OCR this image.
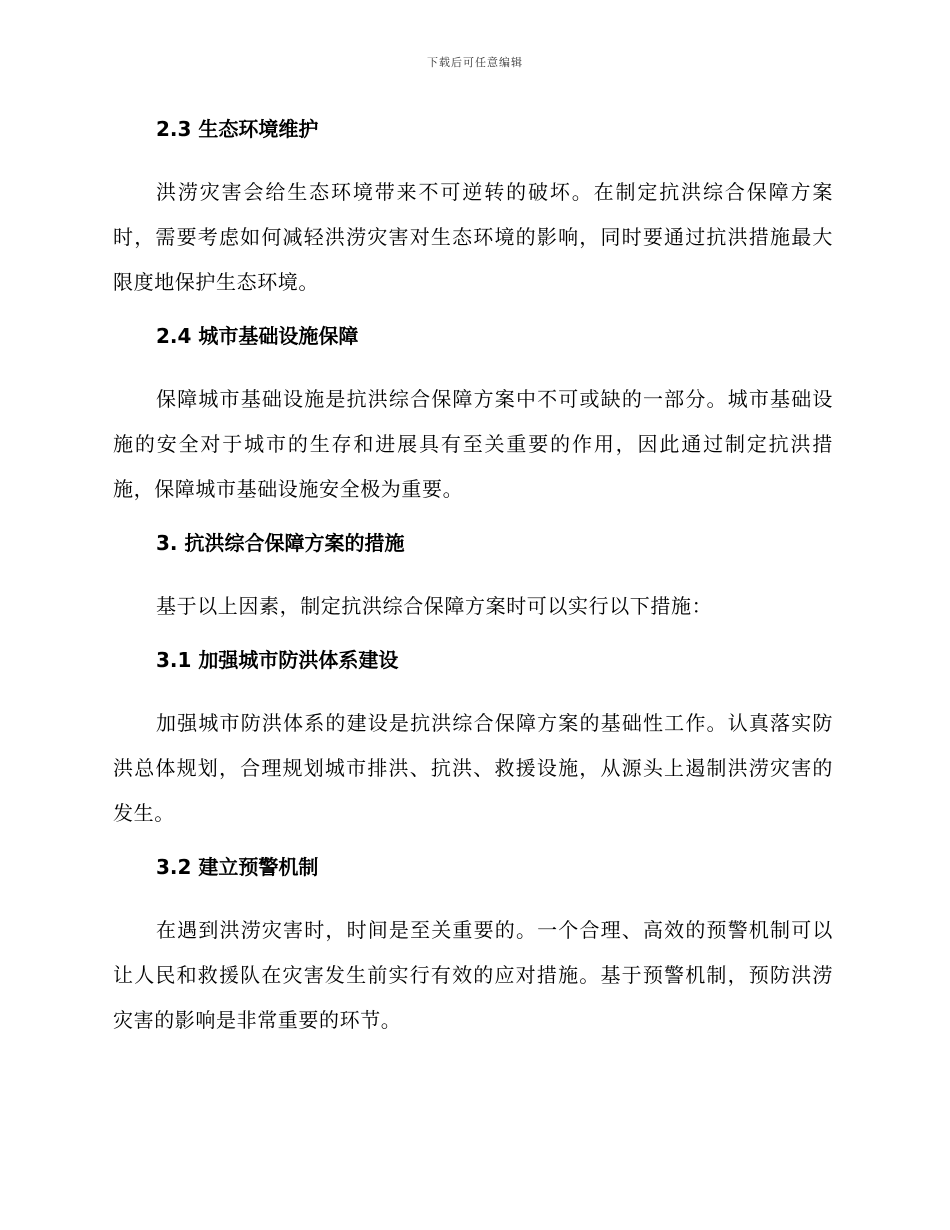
下载后可任意编辑
2.3 生态环境维护

洪涝灾害会给生态环境带来不可逆转的破坏。在制定抗洪综合保障方案时，需要考虑如何减轻洪涝灾害对生态环境的影响，同时要通过抗洪措施最大限度地保护生态环境。

2.4 城市基础设施保障

保障城市基础设施是抗洪综合保障方案中不可或缺的一部分。城市基础设施的安全对于城市的生存和进展具有至关重要的作用，因此通过制定抗洪措施，保障城市基础设施安全极为重要。

3. 抗洪综合保障方案的措施

基于以上因素，制定抗洪综合保障方案时可以实行以下措施：

3.1 加强城市防洪体系建设

加强城市防洪体系的建设是抗洪综合保障方案的基础性工作。认真落实防洪总体规划，合理规划城市排洪、抗洪、救援设施，从源头上遏制洪涝灾害的发生。

3.2 建立预警机制

在遇到洪涝灾害时，时间是至关重要的。一个合理、高效的预警机制可以让人民和救援队在灾害发生前实行有效的应对措施。基于预警机制，预防洪涝灾害的影响是非常重要的环节。
